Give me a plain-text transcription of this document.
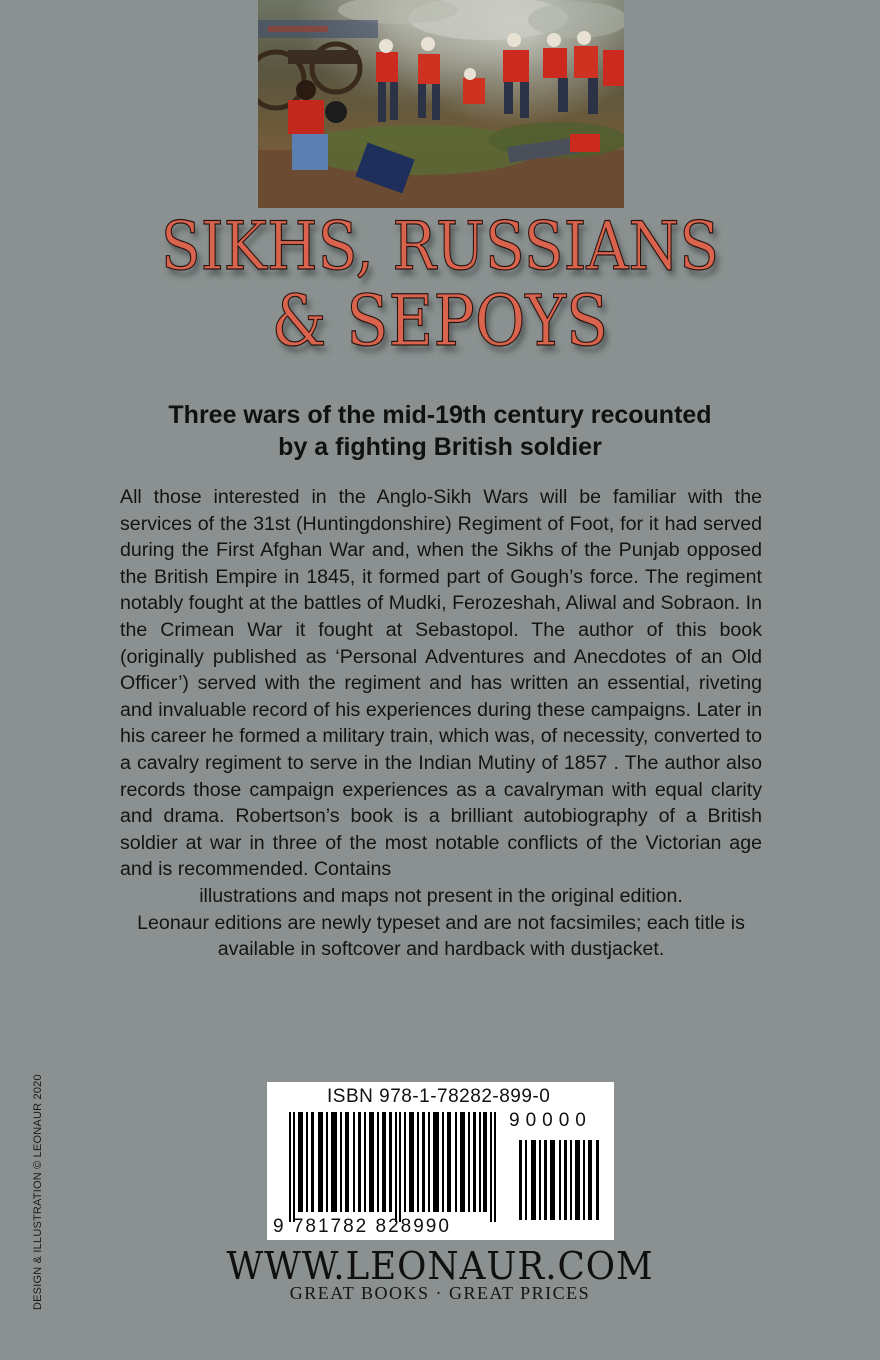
SIKHS, RUSSIANS
& SEPOYS
Three wars of the mid-19th century recounted
by a fighting British soldier

All those interested in the Anglo-Sikh Wars will be familiar with the services of the 31st (Huntingdonshire) Regiment of Foot, for it had served during the First Afghan War and, when the Sikhs of the Punjab opposed the British Empire in 1845, it formed part of Gough’s force. The regiment notably fought at the battles of Mudki, Ferozeshah, Aliwal and Sobraon. In the Crimean War it fought at Sebastopol. The author of this book (originally published as ‘Personal Adventures and Anecdotes of an Old Officer’) served with the regiment and has written an essential, riveting and invaluable record of his experiences during these campaigns. Later in his career he formed a military train, which was, of necessity, converted to a cavalry regiment to serve in the Indian Mutiny of 1857 . The author also records those campaign experiences as a cavalryman with equal clarity and drama. Robertson’s book is a brilliant autobiography of a British soldier at war in three of the most notable conflicts of the Victorian age and is recommended. Contains

illustrations and maps not present in the original edition.

Leonaur editions are newly typeset and are not facsimiles; each title is

available in softcover and hardback with dustjacket.

DESIGN & ILLUSTRATION © LEONAUR 2020	ISBN 978-1-78282-899-0
90000
9 781782 828990
WWW.LEONAUR.COM
GREAT BOOKS · GREAT PRICES
